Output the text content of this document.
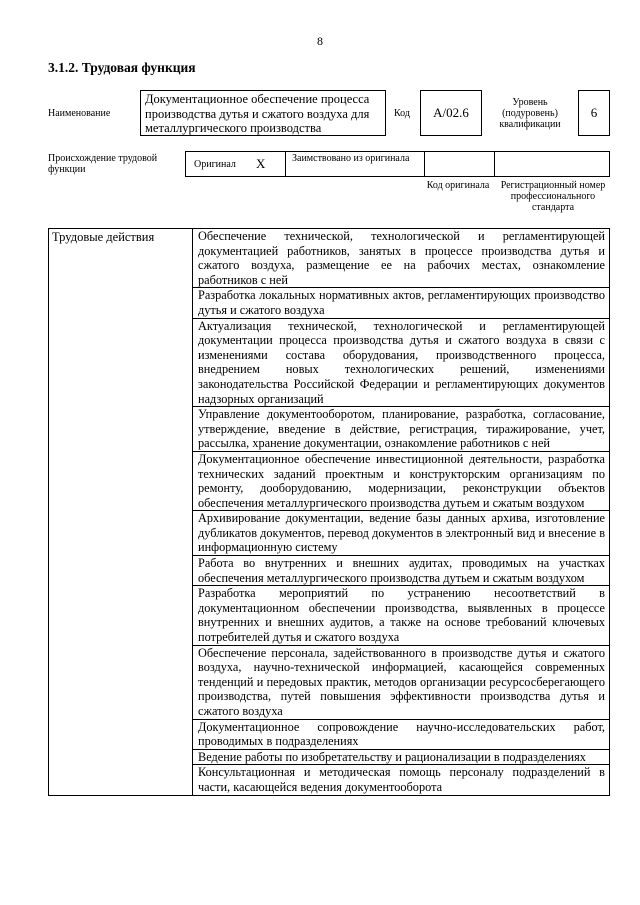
8
3.1.2. Трудовая функция
Наименование
Документационное обеспечение процесса производства дутья и сжатого воздуха для металлургического производства
Код	A/02.6
Уровень (подуровень) квалификации
6
Происхождение трудовой функции	Оригинал	X	Заимствовано из оригинала
Код оригинала Регистрационный номер профессионального стандарта
Трудовые действия	Обеспечение технической, технологической и регламентирующей документацией работников, занятых в процессе производства дутья и сжатого воздуха, размещение ее на рабочих местах, ознакомление работников с ней
Разработка локальных нормативных актов, регламентирующих производство дутья и сжатого воздуха
Актуализация технической, технологической и регламентирующей документации процесса производства дутья и сжатого воздуха в связи с изменениями состава оборудования, производственного процесса, внедрением новых технологических решений, изменениями законодательства Российской Федерации и регламентирующих документов надзорных организаций
Управление документооборотом, планирование, разработка, согласование, утверждение, введение в действие, регистрация, тиражирование, учет, рассылка, хранение документации, ознакомление работников с ней
Документационное обеспечение инвестиционной деятельности, разработка технических заданий проектным и конструкторским организациям по ремонту, дооборудованию, модернизации, реконструкции объектов обеспечения металлургического производства дутьем и сжатым воздухом
Архивирование документации, ведение базы данных архива, изготовление дубликатов документов, перевод документов в электронный вид и внесение в информационную систему
Работа во внутренних и внешних аудитах, проводимых на участках обеспечения металлургического производства дутьем и сжатым воздухом
Разработка мероприятий по устранению несоответствий в документационном обеспечении производства, выявленных в процессе внутренних и внешних аудитов, а также на основе требований ключевых потребителей дутья и сжатого воздуха
Обеспечение персонала, задействованного в производстве дутья и сжатого воздуха, научно-технической информацией, касающейся современных тенденций и передовых практик, методов организации ресурсосберегающего производства, путей повышения эффективности производства дутья и сжатого воздуха
Документационное сопровождение научно-исследовательских работ, проводимых в подразделениях
Ведение работы по изобретательству и рационализации в подразделениях
Консультационная и методическая помощь персоналу подразделений в части, касающейся ведения документооборота
